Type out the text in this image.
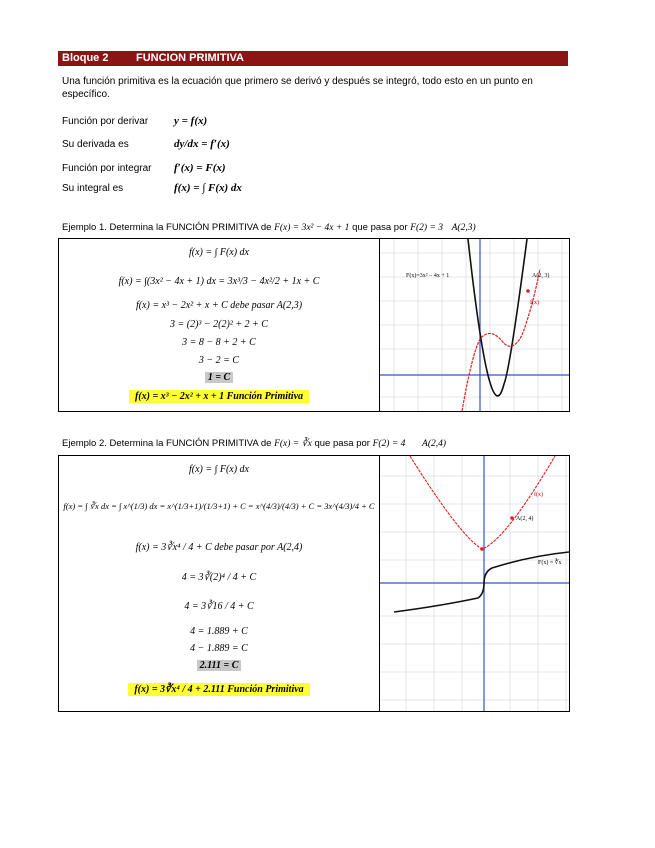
Bloque 2	FUNCION PRIMITIVA
Una función primitiva es la ecuación que primero se derivó y después se integró, todo esto en un punto en específico.
Función por derivar y = f(x)
Su derivada es	dy/dx = f′(x)
Función por integrar f′(x) = F(x)
Su integral es	f(x) = ∫ F(x) dx
Ejemplo 1. Determina la FUNCIÓN PRIMITIVA de F(x) = 3x² − 4x + 1 que pasa por F(2) = 3 A(2,3)
f(x) = ∫ F(x) dx
f(x) = ∫(3x² − 4x + 1) dx = 3x³/3 − 4x²/2 + 1x + C
f(x) = x³ − 2x² + x + C debe pasar A(2,3)
3 = (2)³ − 2(2)² + 2 + C
3 = 8 − 8 + 2 + C
3 − 2 = C
1 = C
f(x) = x³ − 2x² + x + 1 Función Primitiva
F(x)=3x² − 4x + 1	A(2, 3)
f(x)
Ejemplo 2. Determina la FUNCIÓN PRIMITIVA de F(x) = ∛x que pasa por F(2) = 4 A(2,4)
f(x) = ∫ F(x) dx
f(x) = ∫ ∛x dx = ∫ x^(1/3) dx = x^(1/3+1)/(1/3+1) + C = x^(4/3)/(4/3) + C = 3x^(4/3)/4 + C
f(x) = 3∛x⁴ / 4 + C debe pasar por A(2,4)
4 = 3∛(2)⁴ / 4 + C
4 = 3∛16 / 4 + C
4 = 1.889 + C
4 − 1.889 = C
2.111 = C
f(x) = 3∛x⁴ / 4 + 2.111 Función Primitiva
f(x)
A(2, 4)
F(x) = ∛x
